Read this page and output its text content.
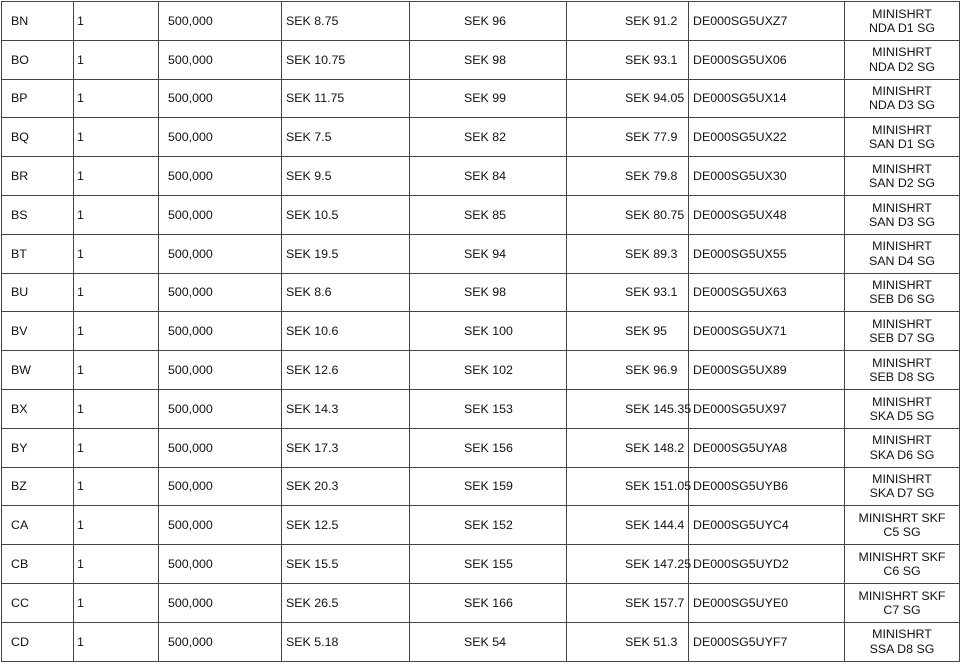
BN	1	500,000	SEK 8.75	SEK 96	SEK 91.2	DE000SG5UXZ7	MINISHRT
NDA D1 SG

BO	1	500,000	SEK 10.75	SEK 98	SEK 93.1	DE000SG5UX06	MINISHRT
NDA D2 SG

BP	1	500,000	SEK 11.75	SEK 99	SEK 94.05	DE000SG5UX14	MINISHRT
NDA D3 SG

BQ	1	500,000	SEK 7.5	SEK 82	SEK 77.9	DE000SG5UX22	MINISHRT
SAN D1 SG

BR	1	500,000	SEK 9.5	SEK 84	SEK 79.8	DE000SG5UX30	MINISHRT
SAN D2 SG

BS	1	500,000	SEK 10.5	SEK 85	SEK 80.75	DE000SG5UX48	MINISHRT
SAN D3 SG

BT	1	500,000	SEK 19.5	SEK 94	SEK 89.3	DE000SG5UX55	MINISHRT
SAN D4 SG

BU	1	500,000	SEK 8.6	SEK 98	SEK 93.1	DE000SG5UX63	MINISHRT
SEB D6 SG

BV	1	500,000	SEK 10.6	SEK 100	SEK 95	DE000SG5UX71	MINISHRT
SEB D7 SG

BW	1	500,000	SEK 12.6	SEK 102	SEK 96.9	DE000SG5UX89	MINISHRT
SEB D8 SG

BX	1	500,000	SEK 14.3	SEK 153	SEK 145.35	DE000SG5UX97	MINISHRT
SKA D5 SG

BY	1	500,000	SEK 17.3	SEK 156	SEK 148.2	DE000SG5UYA8	MINISHRT
SKA D6 SG

BZ	1	500,000	SEK 20.3	SEK 159	SEK 151.05	DE000SG5UYB6	MINISHRT
SKA D7 SG

CA	1	500,000	SEK 12.5	SEK 152	SEK 144.4	DE000SG5UYC4	MINISHRT SKF
C5 SG

CB	1	500,000	SEK 15.5	SEK 155	SEK 147.25	DE000SG5UYD2	MINISHRT SKF
C6 SG

CC	1	500,000	SEK 26.5	SEK 166	SEK 157.7	DE000SG5UYE0	MINISHRT SKF
C7 SG

CD	1	500,000	SEK 5.18	SEK 54	SEK 51.3	DE000SG5UYF7	MINISHRT
SSA D8 SG
